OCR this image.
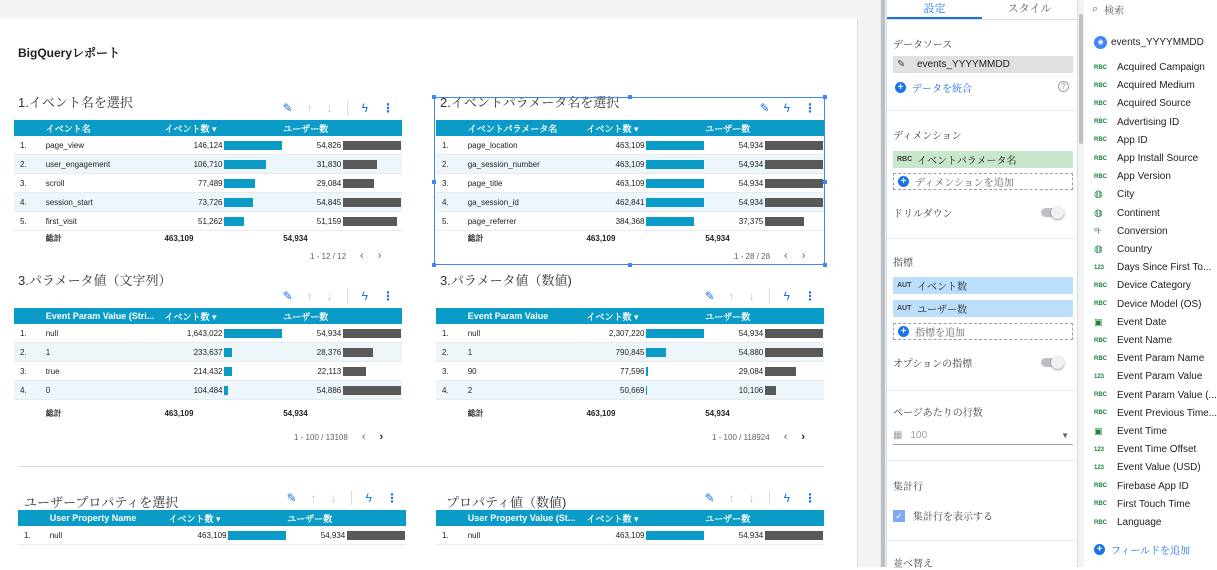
BigQueryレポート
1.イベント名を選択	2.イベントパラメータ名を選択
3.パラメータ値（文字列）	3.パラメータ値（数値)
ユーザープロパティを選択	プロパティ値（数値)
✎ ↑ ↓ ϟ ⋮
イベント名	イベント数 ▾	ユーザー数
1.	page_view	146,124	54,826
2.	user_engagement	106,710	31,830
3.	scroll	77,489	29,084
4.	session_start	73,726	54,845
5.	first_visit	51,262	51,159
総計	463,109	54,934
1 - 12 / 12 ‹ ›
✎ ϟ ⋮
イベントパラメータ名	イベント数 ▾	ユーザー数
1.	page_location	463,109	54,934
2.	ga_session_number	463,109	54,934
3.	page_title	463,109	54,934
4.	ga_session_id	462,841	54,934
5.	page_referrer	384,368	37,375
総計	463,109	54,934
1 - 28 / 28 ‹ ›
✎ ↑ ↓ ϟ ⋮
Event Param Value (Stri...	イベント数 ▾	ユーザー数
1.	null	1,643,022	54,934
2.	1	233,637	28,376
3.	true	214,432	22,113
4.	0	104,484	54,886
総計	463,109	54,934
1 - 100 / 13108 ‹ ›
✎ ↑ ↓ ϟ ⋮
Event Param Value	イベント数 ▾	ユーザー数
1.	null	2,307,220	54,934
2.	1	790,845	54,880
3.	90	77,596	29,084
4.	2	50,669	10,106
総計	463,109	54,934
1 - 100 / 118924 ‹ ›
✎ ↑ ↓ ϟ ⋮
User Property Name	イベント数 ▾	ユーザー数
1.	null	463,109	54,934
✎ ↑ ↓ ϟ ⋮
User Property Value (St...	イベント数 ▾	ユーザー数
1.	null	463,109	54,934
設定	スタイル
データソース
✎	events_YYYYMMDD
+ データを統合	?
ディメンション
RBC イベントパラメータ名
+ ディメンションを追加
ドリルダウン
指標
AUT イベント数
AUT ユーザー数
+ 指標を追加
オプションの指標
ページあたりの行数
▦ 100	▼
集計行
✓ 集計行を表示する
並べ替え
⌕ 検索
◉ events_YYYYMMDD
RBC	Acquired Campaign
RBC	Acquired Medium
RBC	Acquired Source
RBC	Advertising ID
RBC	App ID
RBC	App Install Source
RBC	App Version
◍	City
◍	Continent
=|-	Conversion
◍	Country
123	Days Since First To...
RBC	Device Category
RBC	Device Model (OS)
▣	Event Date
RBC	Event Name
RBC	Event Param Name
123	Event Param Value
RBC	Event Param Value (...
RBC	Event Previous Time...
▣	Event Time
123	Event Time Offset
123	Event Value (USD)
RBC	Firebase App ID
RBC	First Touch Time
RBC	Language
+ フィールドを追加
